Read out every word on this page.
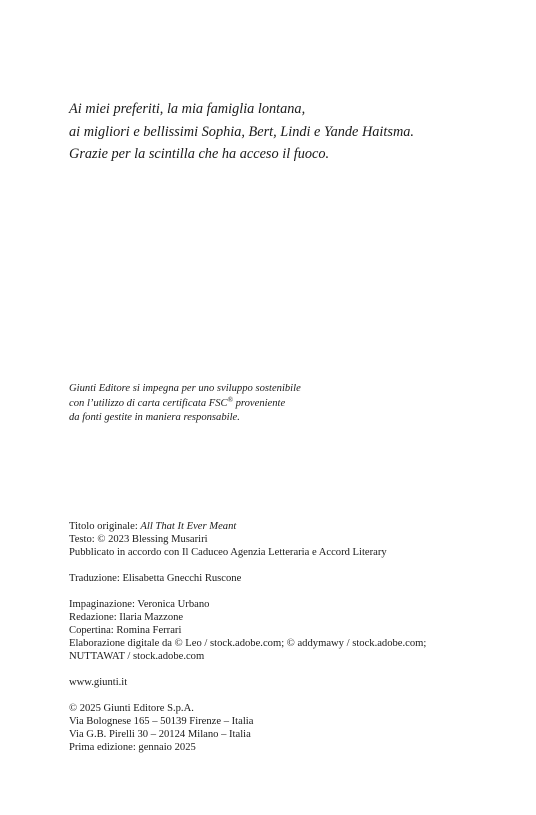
Ai miei preferiti, la mia famiglia lontana,
ai migliori e bellissimi Sophia, Bert, Lindi e Yande Haitsma.
Grazie per la scintilla che ha acceso il fuoco.
Giunti Editore si impegna per uno sviluppo sostenibile
con l’utilizzo di carta certificata FSC® proveniente
da fonti gestite in maniera responsabile.
Titolo originale: All That It Ever Meant
Testo: © 2023 Blessing Musariri
Pubblicato in accordo con Il Caduceo Agenzia Letteraria e Accord Literary
Traduzione: Elisabetta Gnecchi Ruscone
Impaginazione: Veronica Urbano
Redazione: Ilaria Mazzone
Copertina: Romina Ferrari
Elaborazione digitale da © Leo / stock.adobe.com; © addymawy / stock.adobe.com;
NUTTAWAT / stock.adobe.com
www.giunti.it
© 2025 Giunti Editore S.p.A.
Via Bolognese 165 – 50139 Firenze – Italia
Via G.B. Pirelli 30 – 20124 Milano – Italia
Prima edizione: gennaio 2025
